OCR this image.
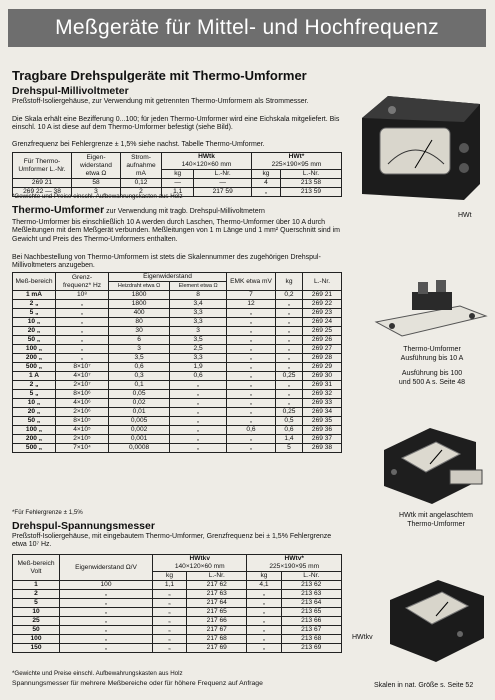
Meßgeräte für Mittel- und Hochfrequenz
Tragbare Drehspulgeräte mit Thermo-Umformer
Drehspul-Millivoltmeter

Preßstoff-Isoliergehäuse, zur Verwendung mit getrennten Thermo-Umformern als Strommesser.

Die Skala erhält eine Bezifferung 0...100; für jeden Thermo-Umformer wird eine Eichskala mitgeliefert. Bis einschl. 10 A ist diese auf dem Thermo-Umformer befestigt (siehe Bild).

Grenzfrequenz bei Fehlergrenze ± 1,5% siehe nachst. Tabelle Thermo-Umformer.

Für Thermo-Umformer L.-Nr.	Eigen-widerstand etwa Ω	Strom-aufnahme mA	HWtk
140×120×60 mm		HWt*
225×190×95 mm	
			kg	L.-Nr.	kg	L.-Nr.
269 21	58	0,12	—	—	4	213 58
269 22 — 38	3	2	1,1	217 59	„	213 59
*Gewichte und Preise einschl. Aufbewahrungskasten aus Holz
Thermo-Umformer zur Verwendung mit tragb. Drehspul-Millivoltmetern

Thermo-Umformer bis einschließlich 10 A werden durch Laschen, Thermo-Umformer über 10 A durch Meßleitungen mit dem Meßgerät verbunden. Meßleitungen von 1 m Länge und 1 mm² Querschnitt sind im Gewicht und Preis des Thermo-Umformers enthalten.

Bei Nachbestellung von Thermo-Umformern ist stets die Skalennummer des zugehörigen Drehspul-Millivoltmeters anzugeben.

Meß-bereich	Grenz-frequenz* Hz	Eigenwiderstand		EMK etwa mV	kg	L.-Nr.
		Heizdraht etwa Ω	Element etwa Ω			
1 mA	10⁸	1800	8	7	0,2	269 21
2 „	„	1800	3,4	12	„	269 22
5 „	„	400	3,3	„	„	269 23
10 „	„	80	3,3	„	„	269 24
20 „	„	30	3	„	„	269 25
50 „	„	6	3,5	„	„	269 26
100 „	„	3	2,5	„	„	269 27
200 „	„	3,5	3,3	„	„	269 28
500 „	8×10⁷	0,6	1,9	„	„	269 29
1 A	4×10⁷	0,3	0,6	„	0,25	269 30
2 „	2×10⁷	0,1	„	„	„	269 31
5 „	8×10⁶	0,05	„	„	„	269 32
10 „	4×10⁶	0,02	„	„	„	269 33
20 „	2×10⁶	0,01	„	„	0,25	269 34
50 „	8×10⁵	0,005	„	„	0,5	269 35
100 „	4×10⁵	0,002	„	0,6	0,6	269 36
200 „	2×10⁵	0,001	„	„	1,4	269 37
500 „	7×10⁴	0,0008	„	„	5	269 38
*Für Fehlergrenze ± 1,5%
Drehspul-Spannungsmesser

Preßstoff-Isoliergehäuse, mit eingebautem Thermo-Umformer, Grenzfrequenz bei ± 1,5% Fehlergrenze etwa 10⁷ Hz.

Meß-bereich Volt	Eigenwiderstand Ω/V	HWtkv
140×120×60 mm		HWtv*
225×190×95 mm	
		kg	L.-Nr.	kg	L.-Nr.
1	100	1,1	217 62	4,1	213 62
2	„	„	217 63	„	213 63
5	„	„	217 64	„	213 64
10	„	„	217 65	„	213 65
25	„	„	217 66	„	213 66
50	„	„	217 67	„	213 67
100	„	„	217 68	„	213 68
150	„	„	217 69	„	213 69
*Gewichte und Preise einschl. Aufbewahrungskasten aus Holz
Spannungsmesser für mehrere Meßbereiche oder für höhere Frequenz auf Anfrage
HWt
Thermo-Umformer
Ausführung bis 10 A
Ausführung bis 100
und 500 A s. Seite 48
HWtk mit angelaschtem
Thermo-Umformer
HWtkv
Skalen in nat. Größe s. Seite 52
